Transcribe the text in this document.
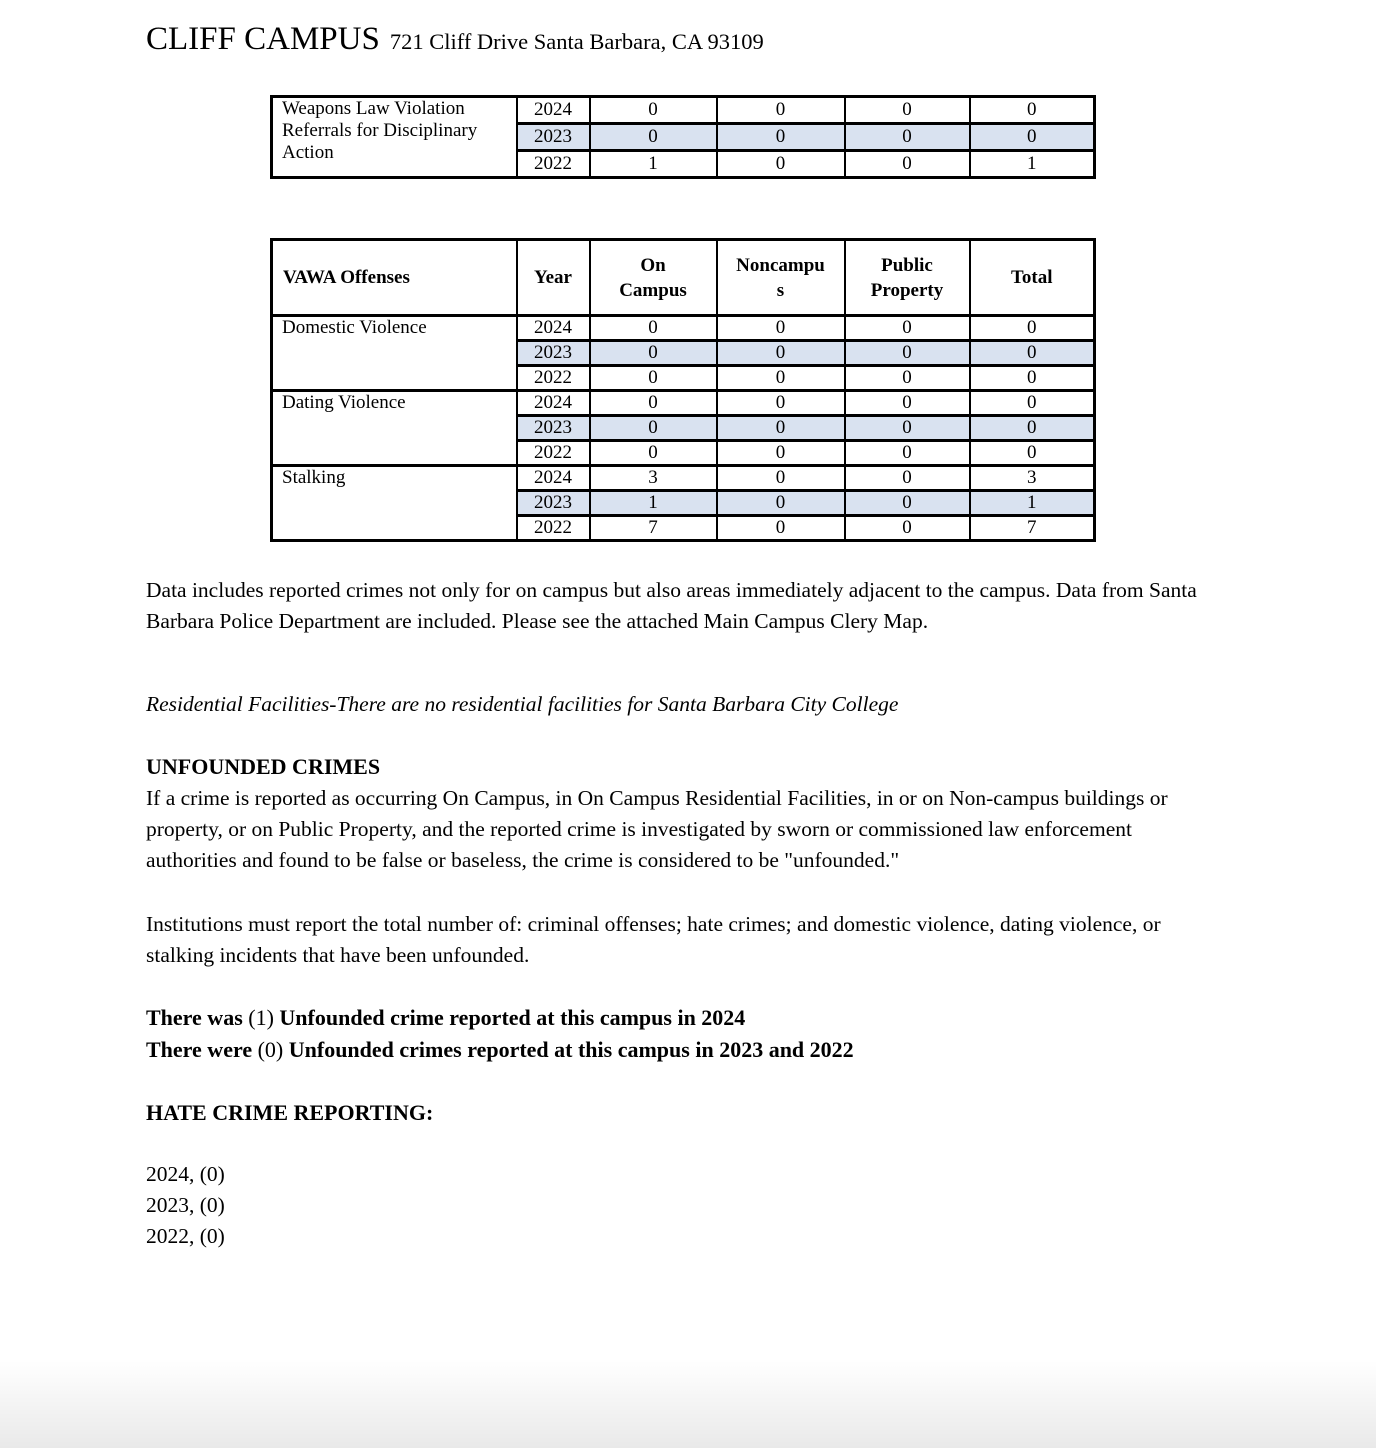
CLIFF CAMPUS 721 Cliff Drive Santa Barbara, CA 93109
Weapons Law Violation Referrals for Disciplinary Action	2024	0	0	0	0
	2023	0	0	0	0
	2022	1	0	0	1
VAWA Offenses	Year	On Campus	Noncampus	Public Property	Total
Domestic Violence	2024	0	0	0	0
	2023	0	0	0	0
	2022	0	0	0	0
Dating Violence	2024	0	0	0	0
	2023	0	0	0	0
	2022	0	0	0	0
Stalking	2024	3	0	0	3
	2023	1	0	0	1
	2022	7	0	0	7

Data includes reported crimes not only for on campus but also areas immediately adjacent to the campus. Data from Santa Barbara Police Department are included. Please see the attached Main Campus Clery Map.

Residential Facilities-There are no residential facilities for Santa Barbara City College

UNFOUNDED CRIMES

If a crime is reported as occurring On Campus, in On Campus Residential Facilities, in or on Non-campus buildings or property, or on Public Property, and the reported crime is investigated by sworn or commissioned law enforcement authorities and found to be false or baseless, the crime is considered to be "unfounded."

Institutions must report the total number of: criminal offenses; hate crimes; and domestic violence, dating violence, or stalking incidents that have been unfounded.

There was (1) Unfounded crime reported at this campus in 2024
There were (0) Unfounded crimes reported at this campus in 2023 and 2022
HATE CRIME REPORTING:
2024, (0)
2023, (0)
2022, (0)
